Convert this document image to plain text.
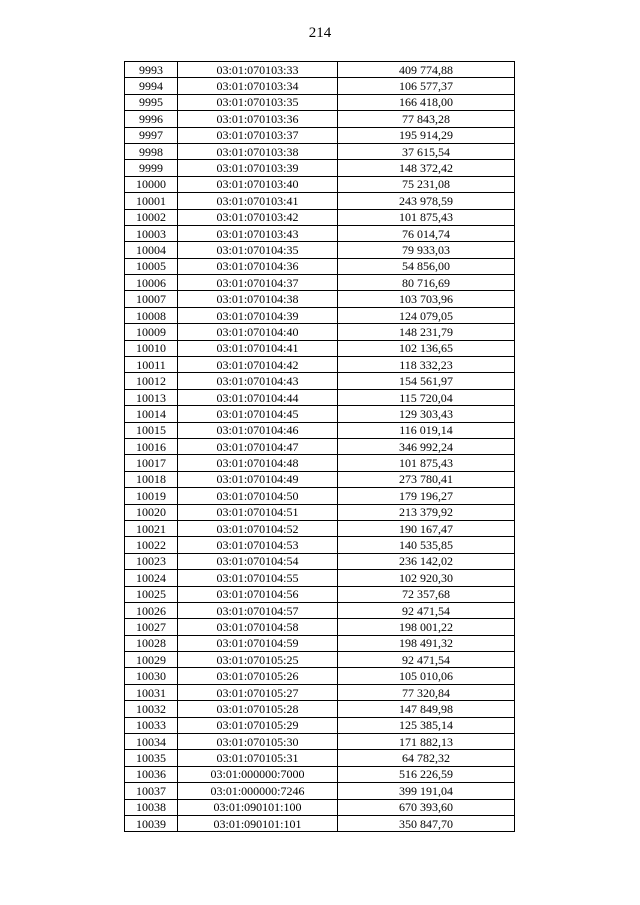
214
9993	03:01:070103:33	409 774,88
9994	03:01:070103:34	106 577,37
9995	03:01:070103:35	166 418,00
9996	03:01:070103:36	77 843,28
9997	03:01:070103:37	195 914,29
9998	03:01:070103:38	37 615,54
9999	03:01:070103:39	148 372,42
10000	03:01:070103:40	75 231,08
10001	03:01:070103:41	243 978,59
10002	03:01:070103:42	101 875,43
10003	03:01:070103:43	76 014,74
10004	03:01:070104:35	79 933,03
10005	03:01:070104:36	54 856,00
10006	03:01:070104:37	80 716,69
10007	03:01:070104:38	103 703,96
10008	03:01:070104:39	124 079,05
10009	03:01:070104:40	148 231,79
10010	03:01:070104:41	102 136,65
10011	03:01:070104:42	118 332,23
10012	03:01:070104:43	154 561,97
10013	03:01:070104:44	115 720,04
10014	03:01:070104:45	129 303,43
10015	03:01:070104:46	116 019,14
10016	03:01:070104:47	346 992,24
10017	03:01:070104:48	101 875,43
10018	03:01:070104:49	273 780,41
10019	03:01:070104:50	179 196,27
10020	03:01:070104:51	213 379,92
10021	03:01:070104:52	190 167,47
10022	03:01:070104:53	140 535,85
10023	03:01:070104:54	236 142,02
10024	03:01:070104:55	102 920,30
10025	03:01:070104:56	72 357,68
10026	03:01:070104:57	92 471,54
10027	03:01:070104:58	198 001,22
10028	03:01:070104:59	198 491,32
10029	03:01:070105:25	92 471,54
10030	03:01:070105:26	105 010,06
10031	03:01:070105:27	77 320,84
10032	03:01:070105:28	147 849,98
10033	03:01:070105:29	125 385,14
10034	03:01:070105:30	171 882,13
10035	03:01:070105:31	64 782,32
10036	03:01:000000:7000	516 226,59
10037	03:01:000000:7246	399 191,04
10038	03:01:090101:100	670 393,60
10039	03:01:090101:101	350 847,70
